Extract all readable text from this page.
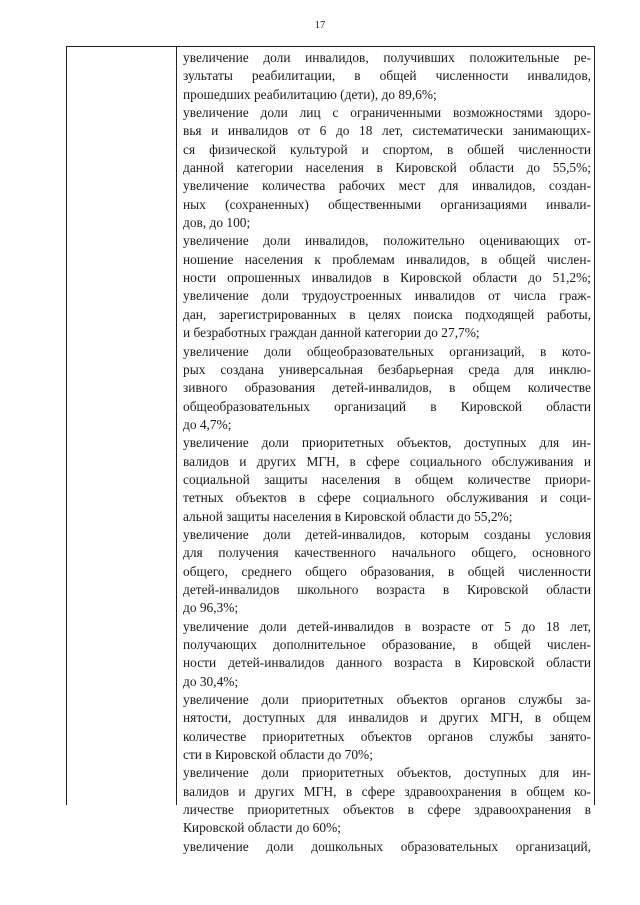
17
увеличение доли инвалидов, получивших положительные ре-
зультаты реабилитации, в общей численности инвалидов,
прошедших реабилитацию (дети), до 89,6%;
увеличение доли лиц с ограниченными возможностями здоро-
вья и инвалидов от 6 до 18 лет, систематически занимающих-
ся физической культурой и спортом, в обшей численности
данной категории населения в Кировской области до 55,5%;
увеличение количества рабочих мест для инвалидов, создан-
ных (сохраненных) общественными организациями инвали-
дов, до 100;
увеличение доли инвалидов, положительно оценивающих от-
ношение населения к проблемам инвалидов, в общей числен-
ности опрошенных инвалидов в Кировской области до 51,2%;
увеличение доли трудоустроенных инвалидов от числа граж-
дан, зарегистрированных в целях поиска подходящей работы,
и безработных граждан данной категории до 27,7%;
увеличение доли общеобразовательных организаций, в кото-
рых создана универсальная безбарьерная среда для инклю-
зивного образования детей-инвалидов, в общем количестве
общеобразовательных организаций в Кировской области
до 4,7%;
увеличение доли приоритетных объектов, доступных для ин-
валидов и других МГН, в сфере социального обслуживания и
социальной защиты населения в общем количестве приори-
тетных объектов в сфере социального обслуживания и соци-
альной защиты населения в Кировской области до 55,2%;
увеличение доли детей-инвалидов, которым созданы условия
для получения качественного начального общего, основного
общего, среднего общего образования, в общей численности
детей-инвалидов школьного возраста в Кировской области
до 96,3%;
увеличение доли детей-инвалидов в возрасте от 5 до 18 лет,
получающих дополнительное образование, в общей числен-
ности детей-инвалидов данного возраста в Кировской области
до 30,4%;
увеличение доли приоритетных объектов органов службы за-
нятости, доступных для инвалидов и других МГН, в общем
количестве приоритетных объектов органов службы занято-
сти в Кировской области до 70%;
увеличение доли приоритетных объектов, доступных для ин-
валидов и других МГН, в сфере здравоохранения в общем ко-
личестве приоритетных объектов в сфере здравоохранения в
Кировской области до 60%;
увеличение доли дошкольных образовательных организаций,
